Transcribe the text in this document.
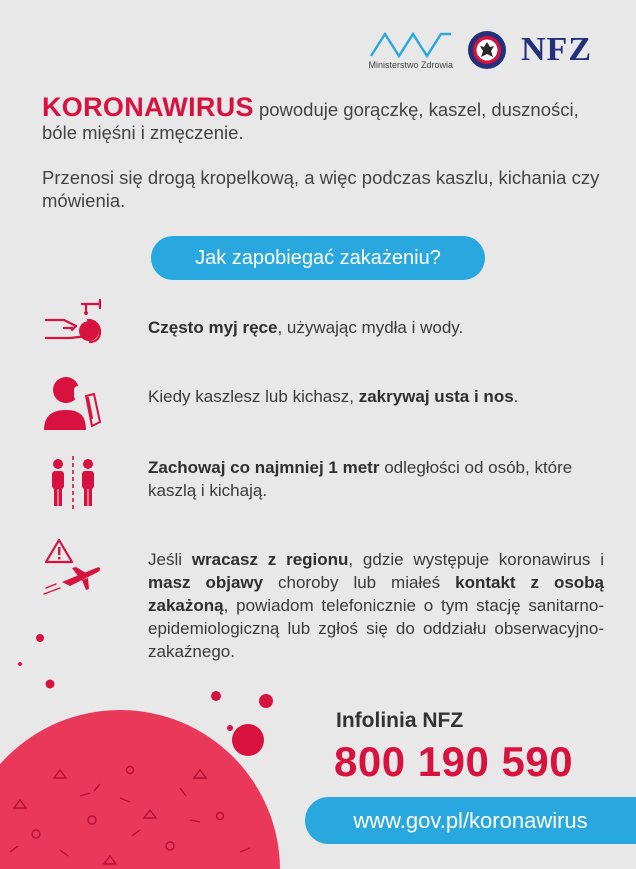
Ministerstwo Zdrowia NFZ

KORONAWIRUS powoduje gorączkę, kaszel, duszności, bóle mięśni i zmęczenie.

Przenosi się drogą kropelkową, a więc podczas kaszlu, kichania czy mówienia.

Jak zapobiegać zakażeniu?
Często myj ręce, używając mydła i wody.
Kiedy kaszlesz lub kichasz, zakrywaj usta i nos.
Zachowaj co najmniej 1 metr odległości od osób, które kaszlą i kichają.
Jeśli wracasz z regionu, gdzie występuje koronawirus i masz objawy choroby lub miałeś kontakt z osobą zakażoną, powiadom telefonicznie o tym stację sanitarno-epidemiologiczną lub zgłoś się do oddziału obserwacyjno-zakaźnego.
Infolinia NFZ
800 190 590
www.gov.pl/koronawirus
